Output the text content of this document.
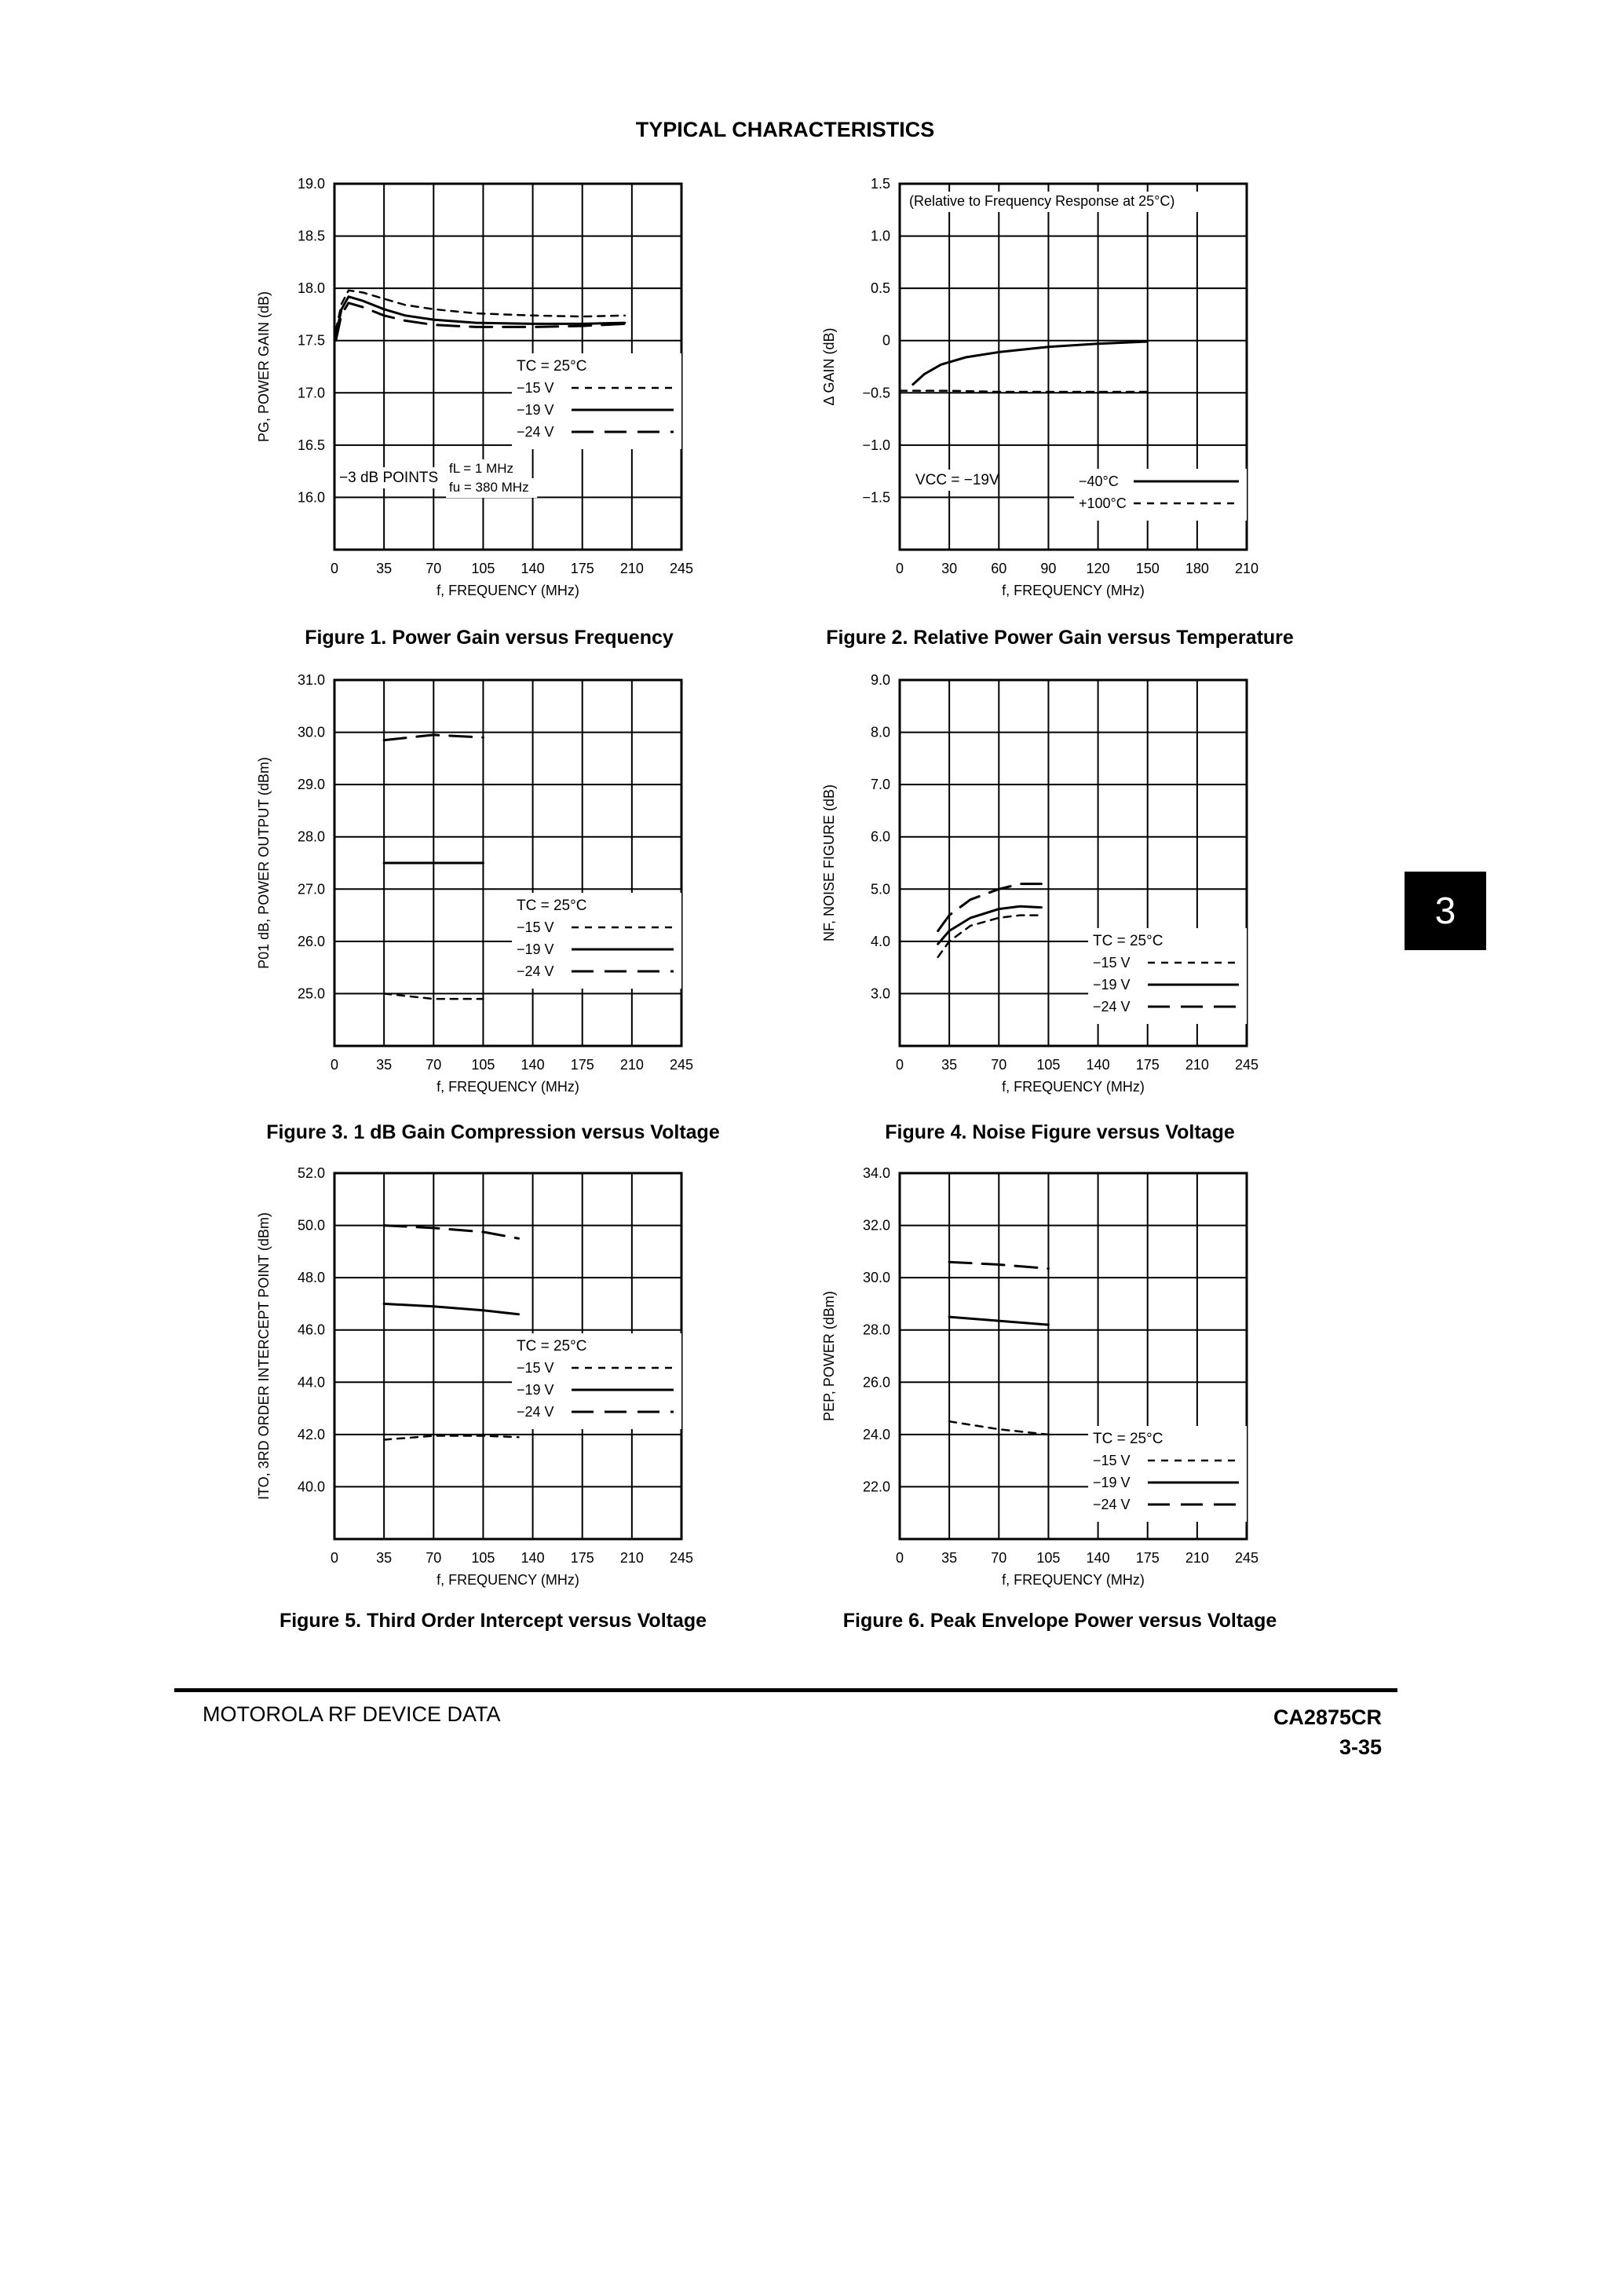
TYPICAL CHARACTERISTICS
0	35 70 105 140 175 210 245
19.0
18.5
18.0
17.5
17.0
16.5
16.0
f, FREQUENCY (MHz)
PG, POWER GAIN (dB)
−3 dB POINTS
fL = 1 MHz
fu = 380 MHz
TC = 25°C
−15 V
−19 V
−24 V
0	30 60 90 120 150 180 210
1.5
1.0
0.5
0
−0.5
−1.0
−1.5
f, FREQUENCY (MHz)
Δ GAIN (dB)
(Relative to Frequency Response at 25°C)
VCC = −19V	−40°C
+100°C
0	35 70 105 140 175 210 245
31.0
30.0
29.0
28.0
27.0
26.0
25.0
f, FREQUENCY (MHz)
P01 dB, POWER OUTPUT (dBm)	TC = 25°C
−15 V
−19 V
−24 V
0	35 70 105 140 175 210 245
9.0
8.0
7.0
6.0
5.0
4.0
3.0
f, FREQUENCY (MHz)
NF, NOISE FIGURE (dB)	TC = 25°C
−15 V
−19 V
−24 V
0	35 70 105 140 175 210 245
52.0
50.0
48.0
46.0
44.0
42.0
40.0
f, FREQUENCY (MHz)
ITO, 3RD ORDER INTERCEPT POINT (dBm)	TC = 25°C
−15 V
−19 V
−24 V
0	35 70 105 140 175 210 245
34.0
32.0
30.0
28.0
26.0
24.0
22.0
f, FREQUENCY (MHz)
PEP, POWER (dBm)
TC = 25°C
−15 V
−19 V
−24 V
Figure 1. Power Gain versus Frequency	Figure 2. Relative Power Gain versus Temperature
Figure 3. 1 dB Gain Compression versus Voltage	Figure 4. Noise Figure versus Voltage
Figure 5. Third Order Intercept versus Voltage	Figure 6. Peak Envelope Power versus Voltage
3
MOTOROLA RF DEVICE DATA	CA2875CR
3-35
